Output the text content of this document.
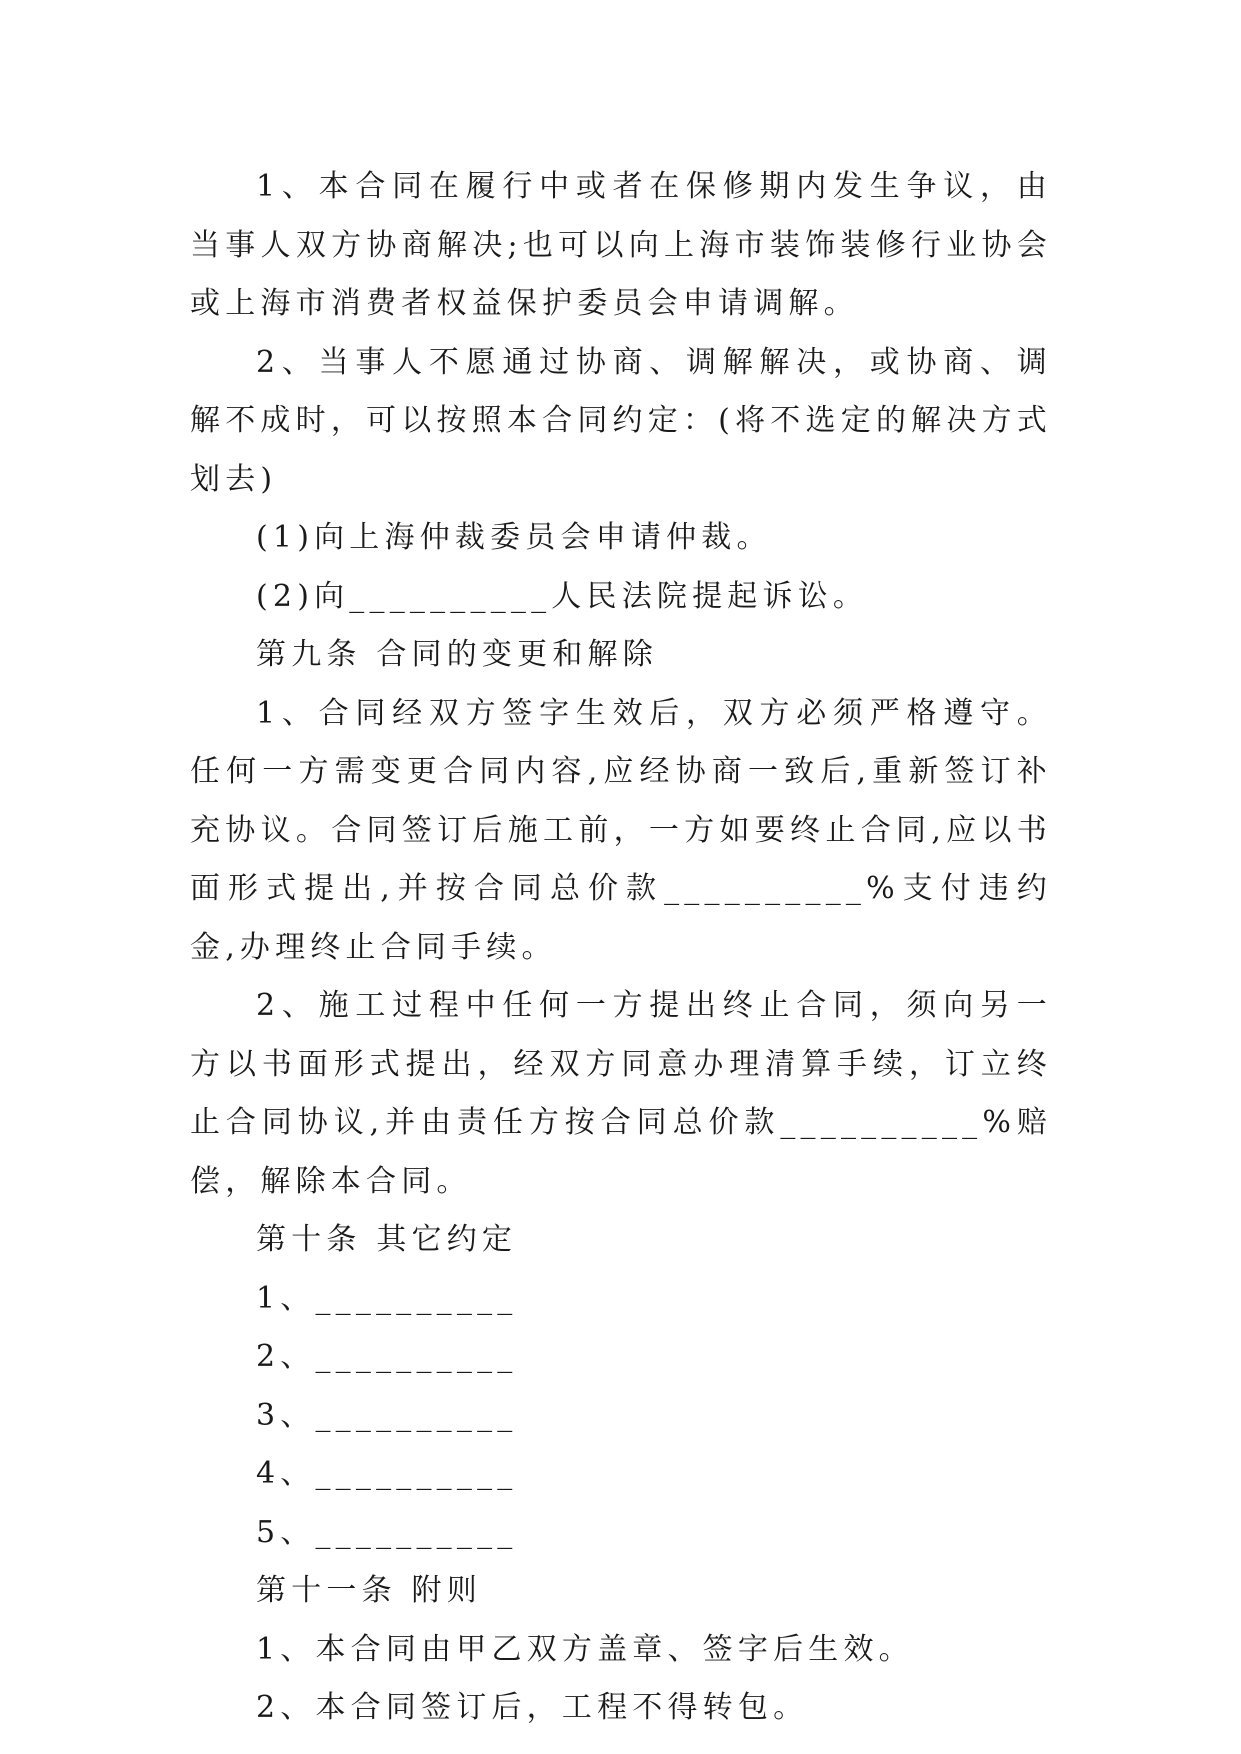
1、本合同在履行中或者在保修期内发生争议，由当事人双方协商解决;也可以向上海市装饰装修行业协会或上海市消费者权益保护委员会申请调解。

2、当事人不愿通过协商、调解解决，或协商、调解不成时，可以按照本合同约定：(将不选定的解决方式划去)

(1)向上海仲裁委员会申请仲裁。

(2)向__________人民法院提起诉讼。

第九条 合同的变更和解除

1、合同经双方签字生效后，双方必须严格遵守。任何一方需变更合同内容,应经协商一致后,重新签订补充协议。合同签订后施工前，一方如要终止合同,应以书面形式提出,并按合同总价款__________%支付违约金,办理终止合同手续。

2、施工过程中任何一方提出终止合同，须向另一方以书面形式提出，经双方同意办理清算手续，订立终止合同协议,并由责任方按合同总价款__________%赔偿，解除本合同。

第十条 其它约定

1、__________

2、__________

3、__________

4、__________

5、__________

第十一条 附则

1、本合同由甲乙双方盖章、签字后生效。

2、本合同签订后，工程不得转包。
